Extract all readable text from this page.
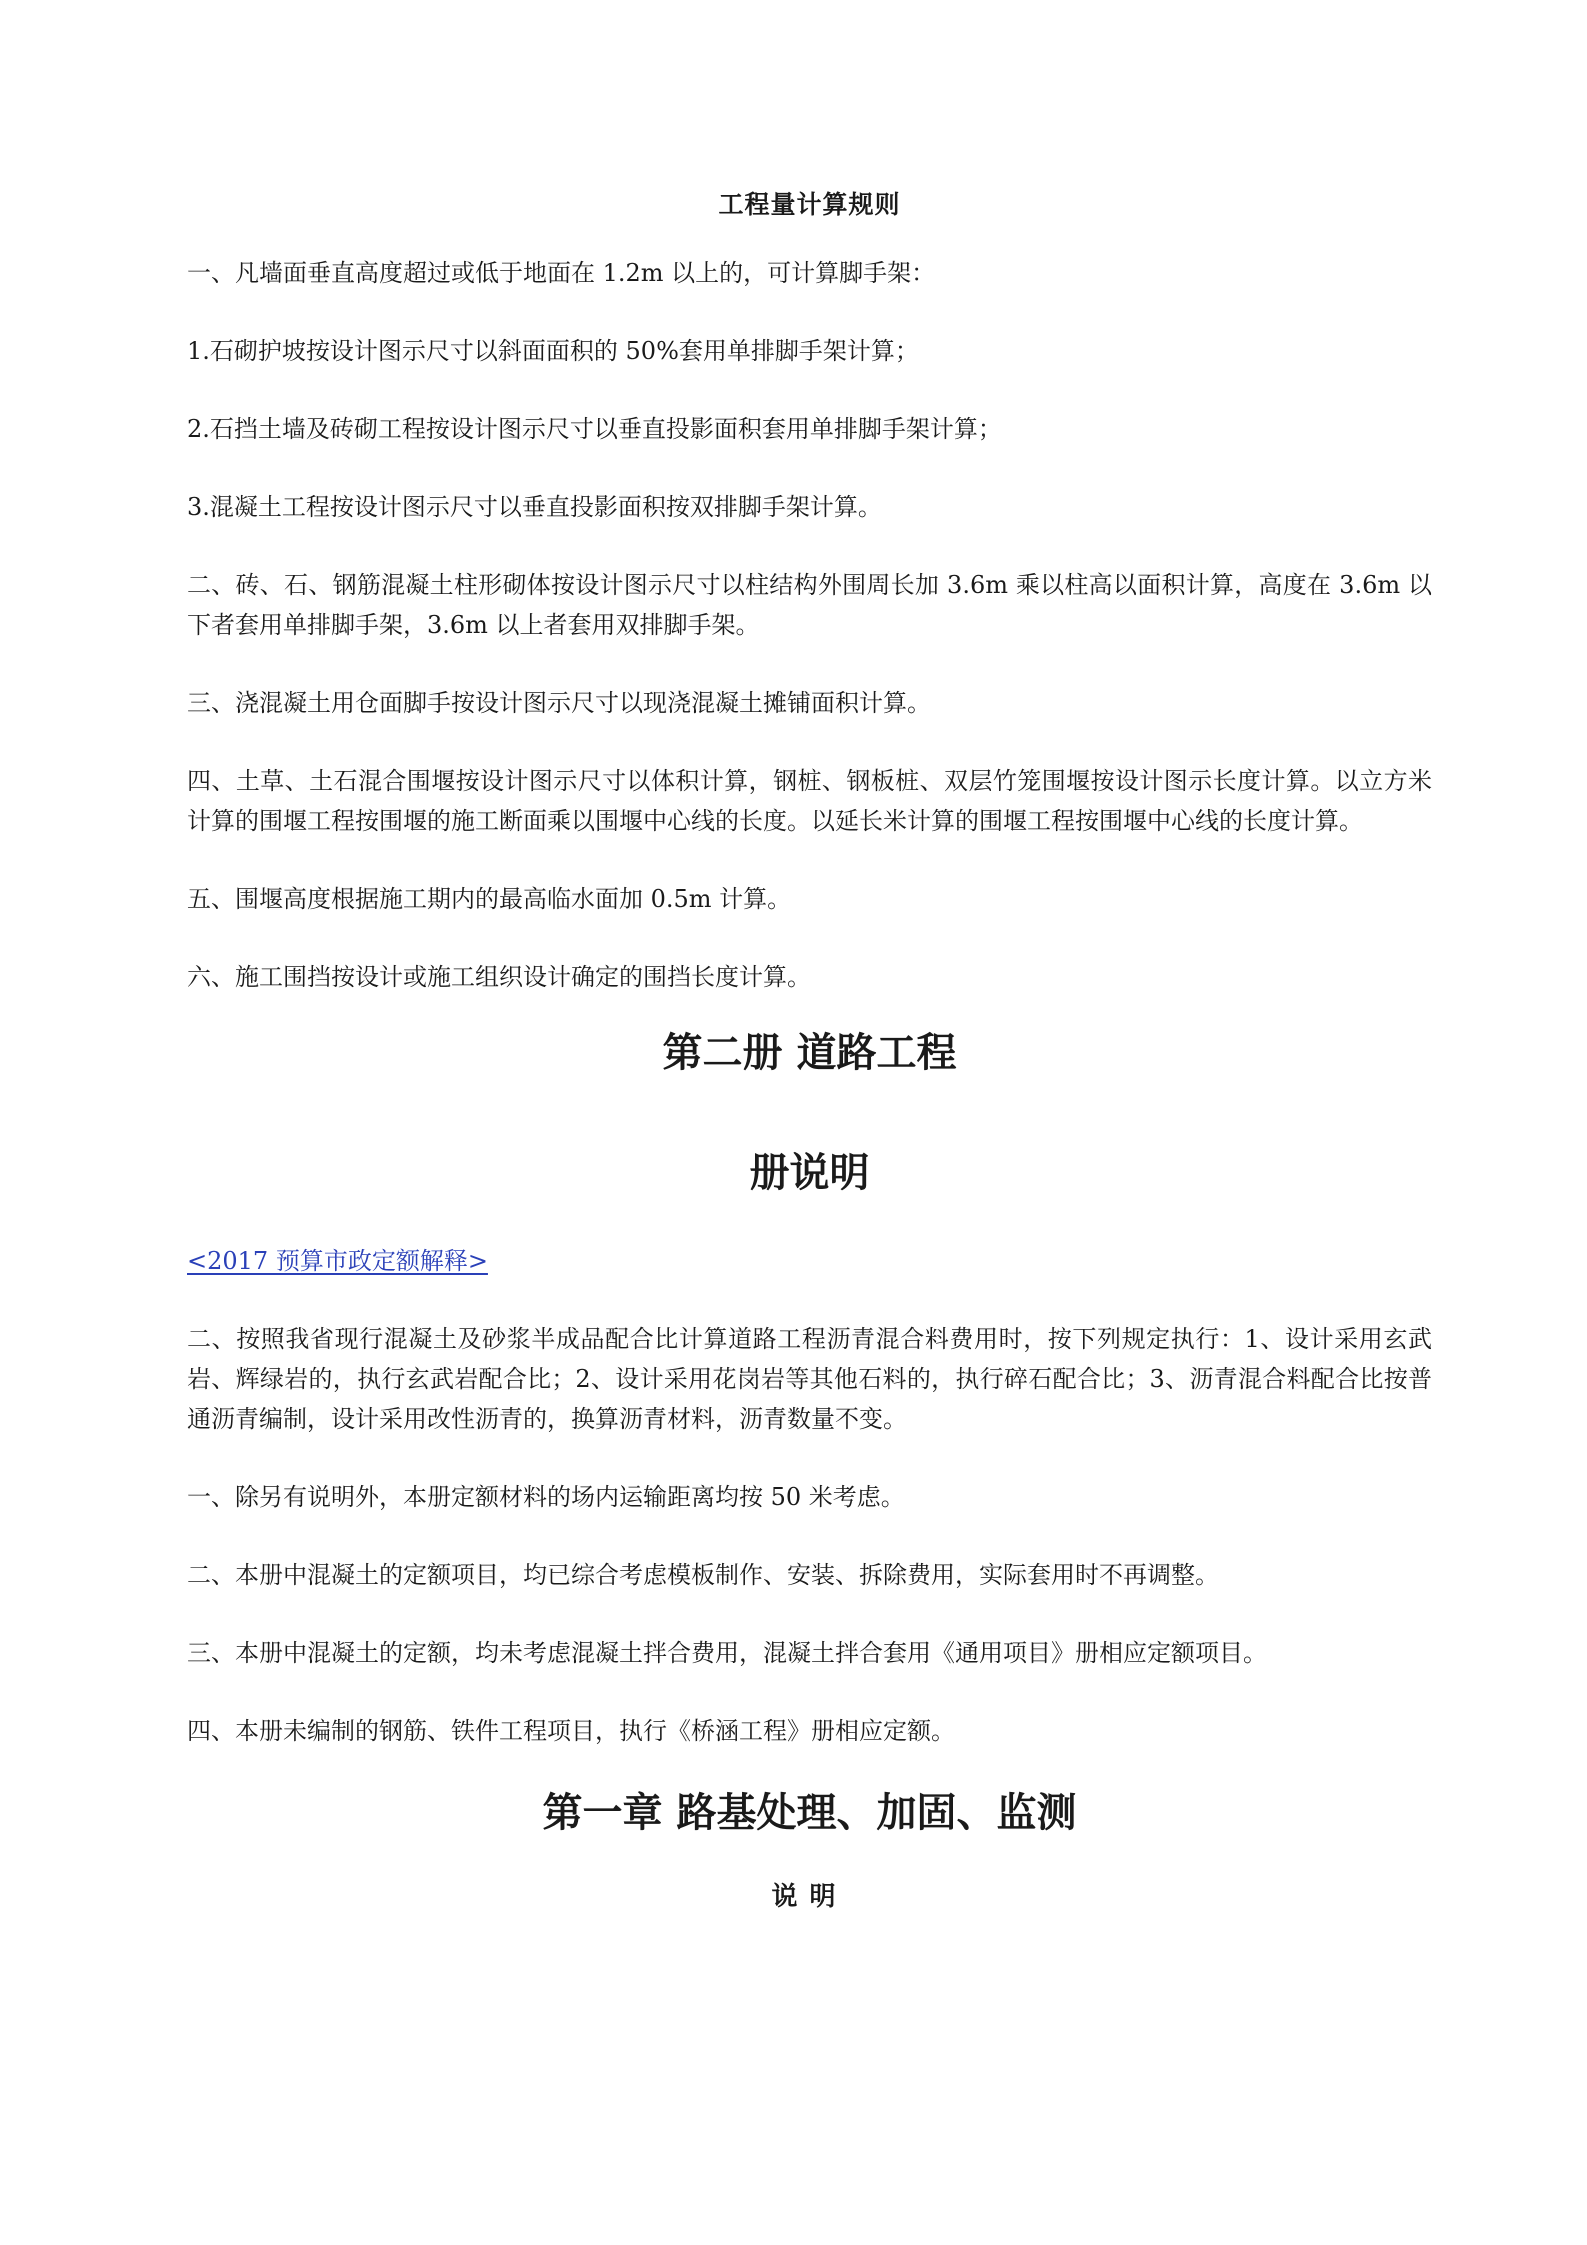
工程量计算规则

一、凡墙面垂直高度超过或低于地面在 1.2m 以上的，可计算脚手架：

1.石砌护坡按设计图示尺寸以斜面面积的 50%套用单排脚手架计算；

2.石挡土墙及砖砌工程按设计图示尺寸以垂直投影面积套用单排脚手架计算；

3.混凝土工程按设计图示尺寸以垂直投影面积按双排脚手架计算。

二、砖、石、钢筋混凝土柱形砌体按设计图示尺寸以柱结构外围周长加 3.6m 乘以柱高以面积计算，高度在 3.6m 以下者套用单排脚手架，3.6m 以上者套用双排脚手架。

三、浇混凝土用仓面脚手按设计图示尺寸以现浇混凝土摊铺面积计算。

四、土草、土石混合围堰按设计图示尺寸以体积计算，钢桩、钢板桩、双层竹笼围堰按设计图示长度计算。以立方米计算的围堰工程按围堰的施工断面乘以围堰中心线的长度。以延长米计算的围堰工程按围堰中心线的长度计算。

五、围堰高度根据施工期内的最高临水面加 0.5m 计算。

六、施工围挡按设计或施工组织设计确定的围挡长度计算。

第二册 道路工程
册说明

<2017 预算市政定额解释>

二、按照我省现行混凝土及砂浆半成品配合比计算道路工程沥青混合料费用时，按下列规定执行：1、设计采用玄武岩、辉绿岩的，执行玄武岩配合比；2、设计采用花岗岩等其他石料的，执行碎石配合比；3、沥青混合料配合比按普通沥青编制，设计采用改性沥青的，换算沥青材料，沥青数量不变。

一、除另有说明外，本册定额材料的场内运输距离均按 50 米考虑。

二、本册中混凝土的定额项目，均已综合考虑模板制作、安装、拆除费用，实际套用时不再调整。

三、本册中混凝土的定额，均未考虑混凝土拌合费用，混凝土拌合套用《通用项目》册相应定额项目。

四、本册未编制的钢筋、铁件工程项目，执行《桥涵工程》册相应定额。

第一章 路基处理、加固、监测
说明
